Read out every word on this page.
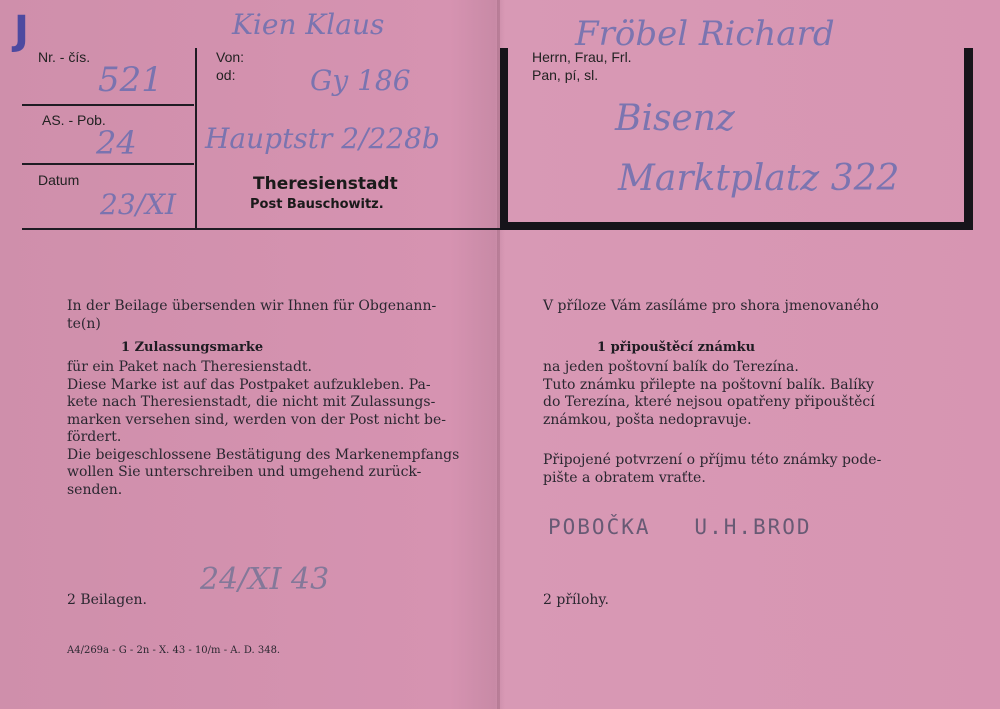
J
Nr. - čís.
521
AS. - Pob.
24
Datum
23/XI
Von:
od:
Kien Klaus
Gy 186
Hauptstr 2/228b
Theresienstadt
Post Bauschowitz.
Herrn, Frau, Frl.
Pan, pí, sl.
Fröbel Richard
Bisenz
Marktplatz 322
In der Beilage übersenden wir Ihnen für Obgenann-
te(n)
1 Zulassungsmarke
für ein Paket nach Theresienstadt.
Diese Marke ist auf das Postpaket aufzukleben. Pa-
kete nach Theresienstadt, die nicht mit Zulassungs-
marken versehen sind, werden von der Post nicht be-
fördert.
Die beigeschlossene Bestätigung des Markenempfangs
wollen Sie unterschreiben und umgehend zurück-
senden.
2 Beilagen.
24/XI 43
A4/269a - G - 2n - X. 43 - 10/m - A. D. 348.
V příloze Vám zasíláme pro shora jmenovaného
1 připouštěcí známku
na jeden poštovní balík do Terezína.
Tuto známku přilepte na poštovní balík. Balíky
do Terezína, které nejsou opatřeny připouštěcí
známkou, pošta nedopravuje.
Připojené potvrzení o příjmu této známky pode-
pište a obratem vraťte.
POBOČKA   U.H.BROD
2 přílohy.
